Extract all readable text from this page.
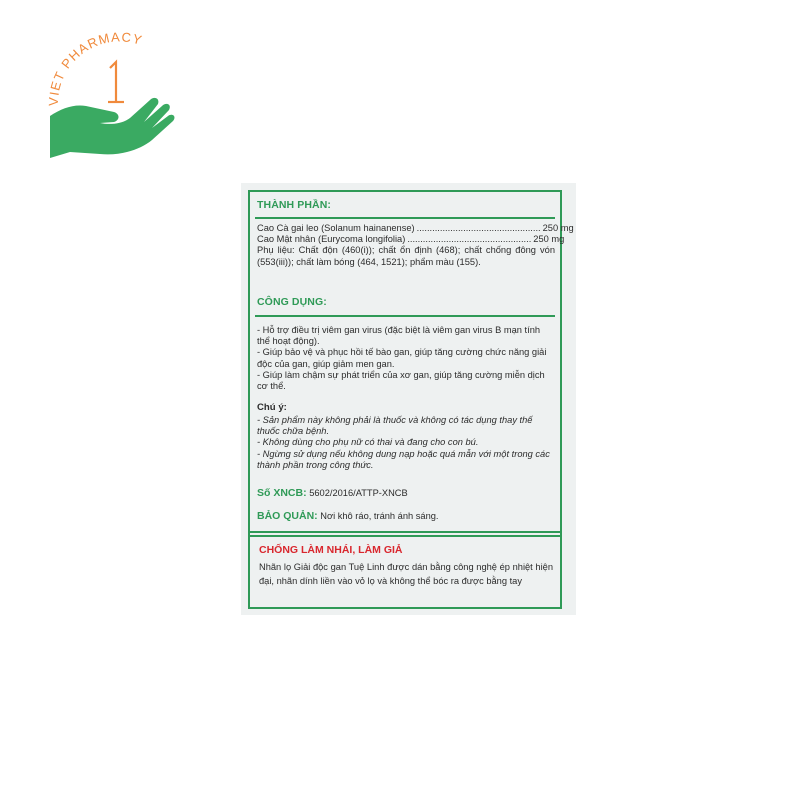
VIET PHARMACY
THÀNH PHẦN:
Cao Cà gai leo (Solanum hainanense) ................................................ 250 mg
Cao Mật nhân (Eurycoma longifolia) ................................................ 250 mg
Phụ liệu: Chất độn (460(i)); chất ổn định (468); chất chống đông vón (553(iii)); chất làm bóng (464, 1521); phẩm màu (155).
CÔNG DỤNG:
- Hỗ trợ điều trị viêm gan virus (đặc biệt là viêm gan virus B mạn tính thể hoạt động).
- Giúp bảo vệ và phục hồi tế bào gan, giúp tăng cường chức năng giải độc của gan, giúp giảm men gan.
- Giúp làm chậm sự phát triển của xơ gan, giúp tăng cường miễn dịch cơ thể.
Chú ý:
- Sản phẩm này không phải là thuốc và không có tác dụng thay thế thuốc chữa bệnh.
- Không dùng cho phụ nữ có thai và đang cho con bú.
- Ngừng sử dụng nếu không dung nạp hoặc quá mẫn với một trong các thành phần trong công thức.
Số XNCB: 5602/2016/ATTP-XNCB
BẢO QUẢN: Nơi khô ráo, tránh ánh sáng.
CHỐNG LÀM NHÁI, LÀM GIẢ
Nhãn lọ Giải độc gan Tuệ Linh được dán bằng công nghệ ép nhiệt hiện đại, nhãn dính liền vào vỏ lọ và không thể bóc ra được bằng tay
